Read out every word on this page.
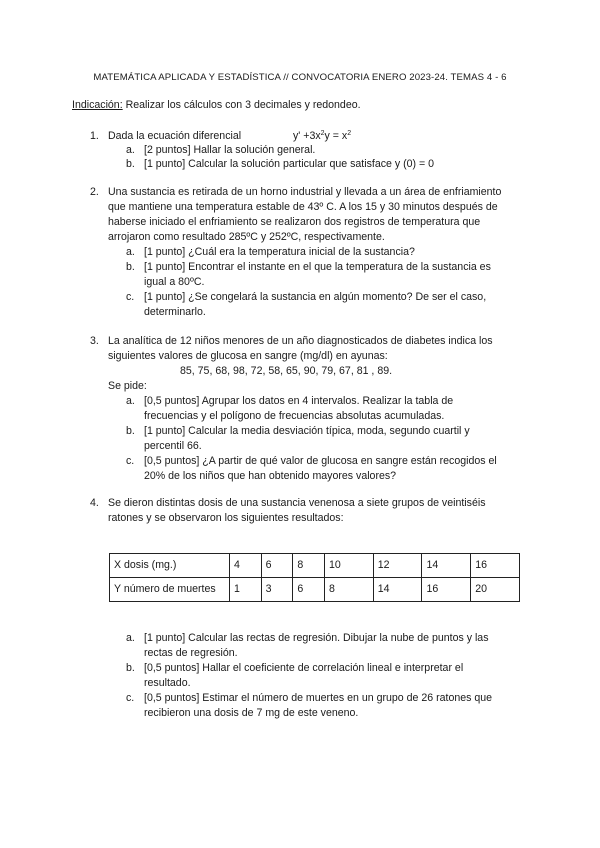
MATEMÁTICA APLICADA Y ESTADÍSTICA // CONVOCATORIA ENERO 2023-24. TEMAS 4 - 6
Indicación: Realizar los cálculos con 3 decimales y redondeo.
1. Dada la ecuación diferencial	$y' +3x^2y = x^2$
a. [2 puntos] Hallar la solución general.
b. [1 punto] Calcular la solución particular que satisface y (0) = 0
2. Una sustancia es retirada de un horno industrial y llevada a un área de enfriamiento
que mantiene una temperatura estable de 43º C. A los 15 y 30 minutos después de
haberse iniciado el enfriamiento se realizaron dos registros de temperatura que
arrojaron como resultado 285ºC y 252ºC, respectivamente.
a. [1 punto] ¿Cuál era la temperatura inicial de la sustancia?
b. [1 punto] Encontrar el instante en el que la temperatura de la sustancia es
igual a 80ºC.
c. [1 punto] ¿Se congelará la sustancia en algún momento? De ser el caso,
determinarlo.
3. La analítica de 12 niños menores de un año diagnosticados de diabetes indica los
siguientes valores de glucosa en sangre (mg/dl) en ayunas:
85, 75, 68, 98, 72, 58, 65, 90, 79, 67, 81 , 89.
Se pide:
a. [0,5 puntos] Agrupar los datos en 4 intervalos. Realizar la tabla de
frecuencias y el polígono de frecuencias absolutas acumuladas.
b. [1 punto] Calcular la media desviación típica, moda, segundo cuartil y
percentil 66.
c. [0,5 puntos] ¿A partir de qué valor de glucosa en sangre están recogidos el
20% de los niños que han obtenido mayores valores?
4. Se dieron distintas dosis de una sustancia venenosa a siete grupos de veintiséis
ratones y se observaron los siguientes resultados:
X dosis (mg.)	4	6	8	10	12	14	16
Y número de muertes	1	3	6	8	14	16	20
a. [1 punto] Calcular las rectas de regresión. Dibujar la nube de puntos y las
rectas de regresión.
b. [0,5 puntos] Hallar el coeficiente de correlación lineal e interpretar el
resultado.
c. [0,5 puntos] Estimar el número de muertes en un grupo de 26 ratones que
recibieron una dosis de 7 mg de este veneno.
